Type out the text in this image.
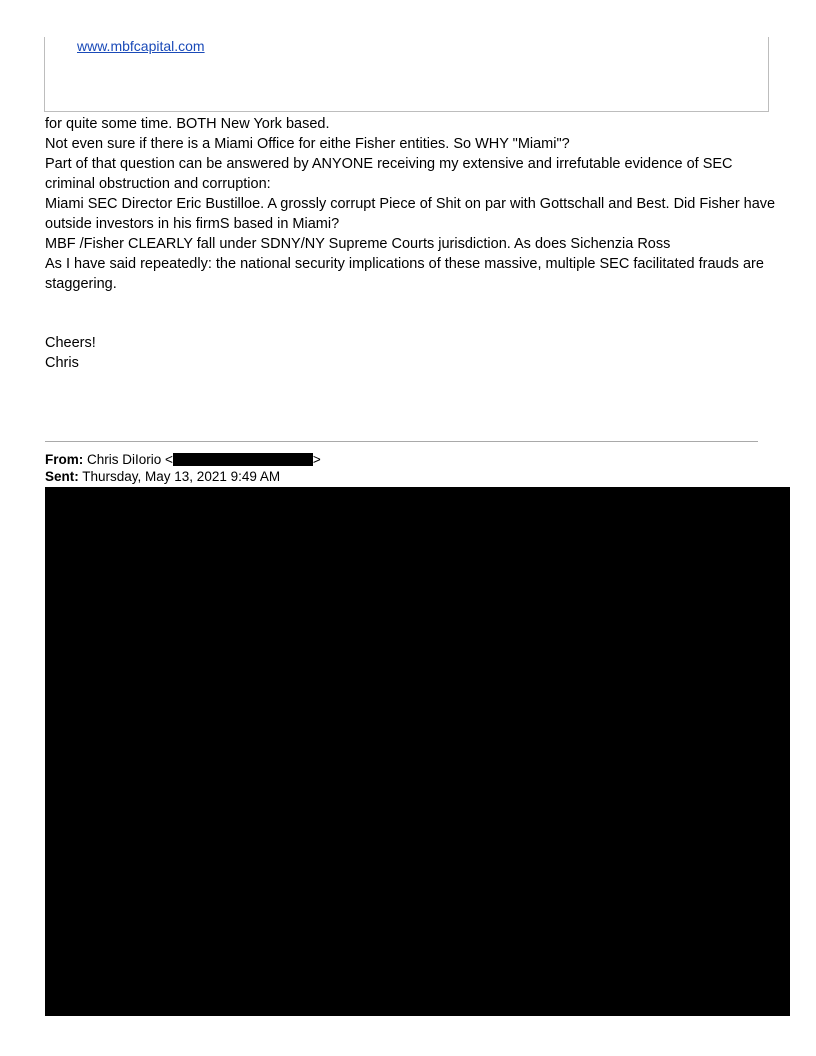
www.mbfcapital.com

for quite some time. BOTH New York based.

Not even sure if there is a Miami Office for eithe Fisher entities. So WHY "Miami"?

Part of that question can be answered by ANYONE receiving my extensive and irrefutable evidence of SEC criminal obstruction and corruption:

Miami SEC Director Eric Bustilloe. A grossly corrupt Piece of Shit on par with Gottschall and Best. Did Fisher have outside investors in his firmS based in Miami?

MBF /Fisher CLEARLY fall under SDNY/NY Supreme Courts jurisdiction. As does Sichenzia Ross

As I have said repeatedly: the national security implications of these massive, multiple SEC facilitated frauds are staggering.

Cheers!

Chris

From: Chris DiIorio <	>
Sent: Thursday, May 13, 2021 9:49 AM
